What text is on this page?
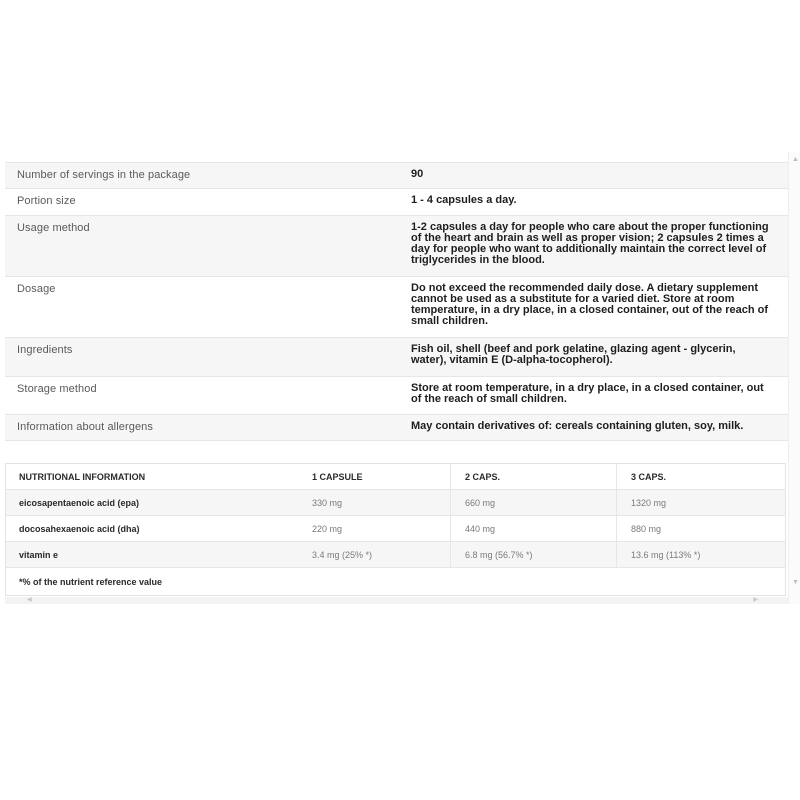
Number of servings in the package	90
Portion size	1 - 4 capsules a day.
Usage method	1-2 capsules a day for people who care about the proper functioning of the heart and brain as well as proper vision; 2 capsules 2 times a day for people who want to additionally maintain the correct level of triglycerides in the blood.
Dosage	Do not exceed the recommended daily dose. A dietary supplement cannot be used as a substitute for a varied diet. Store at room temperature, in a dry place, in a closed container, out of the reach of small children.
Ingredients	Fish oil, shell (beef and pork gelatine, glazing agent - glycerin, water), vitamin E (D-alpha-tocopherol).
Storage method	Store at room temperature, in a dry place, in a closed container, out of the reach of small children.
Information about allergens	May contain derivatives of: cereals containing gluten, soy, milk.
NUTRITIONAL INFORMATION	1 CAPSULE	2 CAPS.	3 CAPS.
eicosapentaenoic acid (epa)	330 mg	660 mg	1320 mg
docosahexaenoic acid (dha)	220 mg	440 mg	880 mg
vitamin e	3.4 mg (25% *)	6.8 mg (56.7% *)	13.6 mg (113% *)
*% of the nutrient reference value
▲
▼
◀	▶
